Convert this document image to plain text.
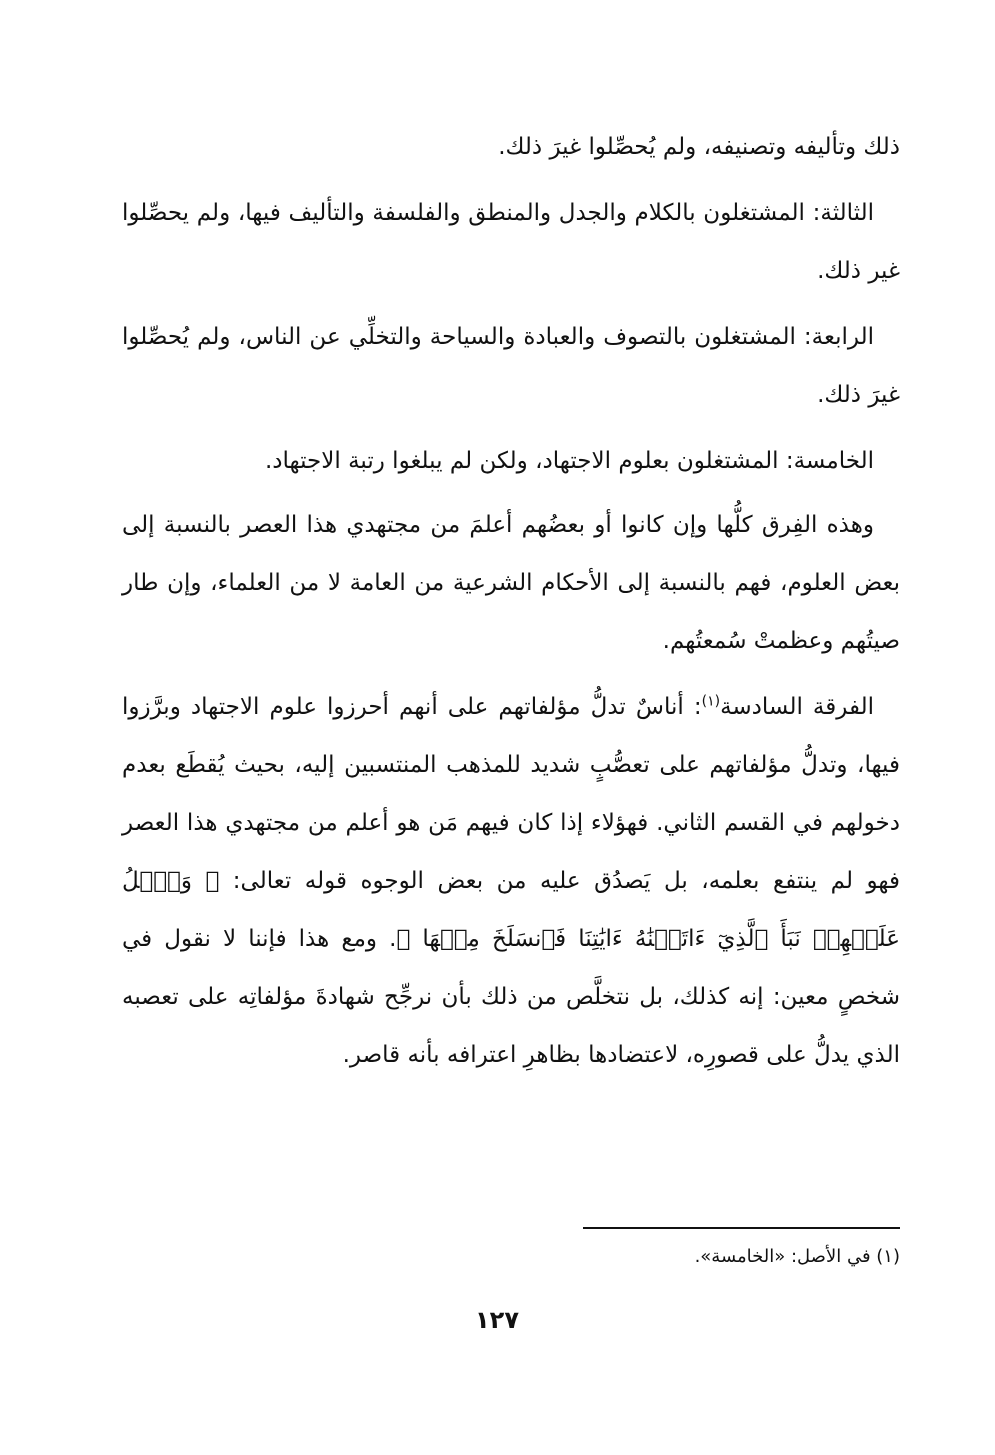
ذلك وتأليفه وتصنيفه، ولم يُحصِّلوا غيرَ ذلك.

الثالثة: المشتغلون بالكلام والجدل والمنطق والفلسفة والتأليف فيها، ولم يحصِّلوا غير ذلك.

الرابعة: المشتغلون بالتصوف والعبادة والسياحة والتخلِّي عن الناس، ولم يُحصِّلوا غيرَ ذلك.

الخامسة: المشتغلون بعلوم الاجتهاد، ولكن لم يبلغوا رتبة الاجتهاد.

وهذه الفِرق كلُّها وإن كانوا أو بعضُهم أعلمَ من مجتهدي هذا العصر بالنسبة إلى بعض العلوم، فهم بالنسبة إلى الأحكام الشرعية من العامة لا من العلماء، وإن طار صيتُهم وعظمتْ سُمعتُهم.

الفرقة السادسة$^{(١)}$: أناسٌ تدلُّ مؤلفاتهم على أنهم أحرزوا علوم الاجتهاد وبرَّزوا فيها، وتدلُّ مؤلفاتهم على تعصُّبٍ شديد للمذهب المنتسبين إليه، بحيث يُقطَع بعدم دخولهم في القسم الثاني. فهؤلاء إذا كان فيهم مَن هو أعلم من مجتهدي هذا العصر فهو لم ينتفع بعلمه، بل يَصدُق عليه من بعض الوجوه قوله تعالى: ﴿ وَٱتۡلُ عَلَيۡهِمۡ نَبَأَ ٱلَّذِيٓ ءَاتَيۡنَٰهُ ءَايَٰتِنَا فَٱنسَلَخَ مِنۡهَا ﴾. ومع هذا فإننا لا نقول في شخصٍ معين: إنه كذلك، بل نتخلَّص من ذلك بأن نرجِّح شهادةَ مؤلفاتِه على تعصبه الذي يدلُّ على قصورِه، لاعتضادها بظاهرِ اعترافه بأنه قاصر.

(١) في الأصل: «الخامسة».
١٢٧
